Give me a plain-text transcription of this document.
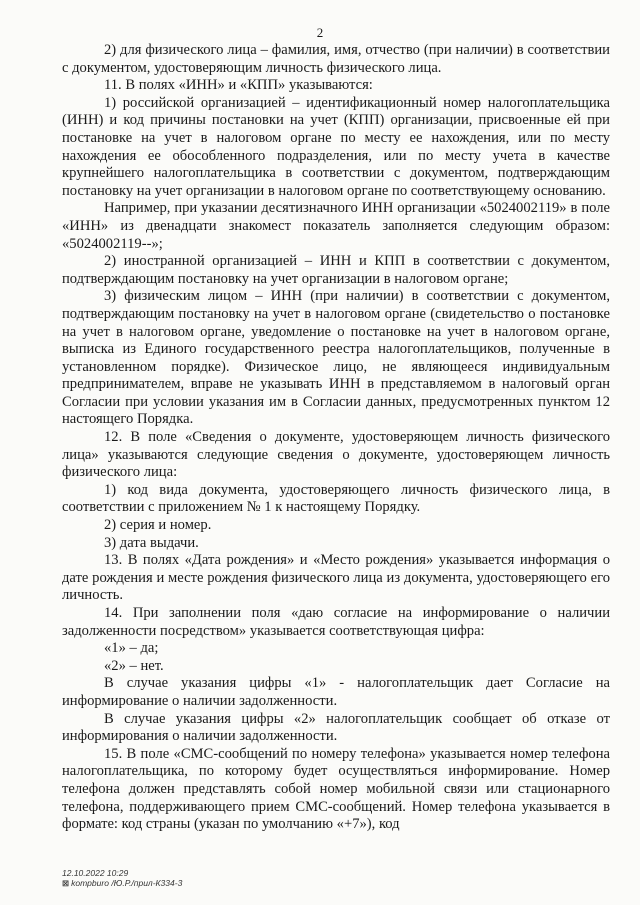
2

2) для физического лица – фамилия, имя, отчество (при наличии) в соответствии с документом, удостоверяющим личность физического лица.

11. В полях «ИНН» и «КПП» указываются:

1) российской организацией – идентификационный номер налогоплательщика (ИНН) и код причины постановки на учет (КПП) организации, присвоенные ей при постановке на учет в налоговом органе по месту ее нахождения, или по месту нахождения ее обособленного подразделения, или по месту учета в качестве крупнейшего налогоплательщика в соответствии с документом, подтверждающим постановку на учет организации в налоговом органе по соответствующему основанию.

Например, при указании десятизначного ИНН организации «5024002119» в поле «ИНН» из двенадцати знакомест показатель заполняется следующим образом: «5024002119--»;

2) иностранной организацией – ИНН и КПП в соответствии с документом, подтверждающим постановку на учет организации в налоговом органе;

3) физическим лицом – ИНН (при наличии) в соответствии с документом, подтверждающим постановку на учет в налоговом органе (свидетельство о постановке на учет в налоговом органе, уведомление о постановке на учет в налоговом органе, выписка из Единого государственного реестра налогоплательщиков, полученные в установленном порядке). Физическое лицо, не являющееся индивидуальным предпринимателем, вправе не указывать ИНН в представляемом в налоговый орган Согласии при условии указания им в Согласии данных, предусмотренных пунктом 12 настоящего Порядка.

12. В поле «Сведения о документе, удостоверяющем личность физического лица» указываются следующие сведения о документе, удостоверяющем личность физического лица:

1) код вида документа, удостоверяющего личность физического лица, в соответствии с приложением № 1 к настоящему Порядку.

2) серия и номер.

3) дата выдачи.

13. В полях «Дата рождения» и «Место рождения» указывается информация о дате рождения и месте рождения физического лица из документа, удостоверяющего его личность.

14. При заполнении поля «даю согласие на информирование о наличии задолженности посредством» указывается соответствующая цифра:

«1» – да;

«2» – нет.

В случае указания цифры «1» - налогоплательщик дает Согласие на информирование о наличии задолженности.

В случае указания цифры «2» налогоплательщик сообщает об отказе от информирования о наличии задолженности.

15. В поле «СМС-сообщений по номеру телефона» указывается номер телефона налогоплательщика, по которому будет осуществляться информирование. Номер телефона должен представлять собой номер мобильной связи или стационарного телефона, поддерживающего прием СМС-сообщений. Номер телефона указывается в формате: код страны (указан по умолчанию «+7»), код

12.10.2022 10:29
⊠ kompburo /Ю.Р./прил-К334-3
